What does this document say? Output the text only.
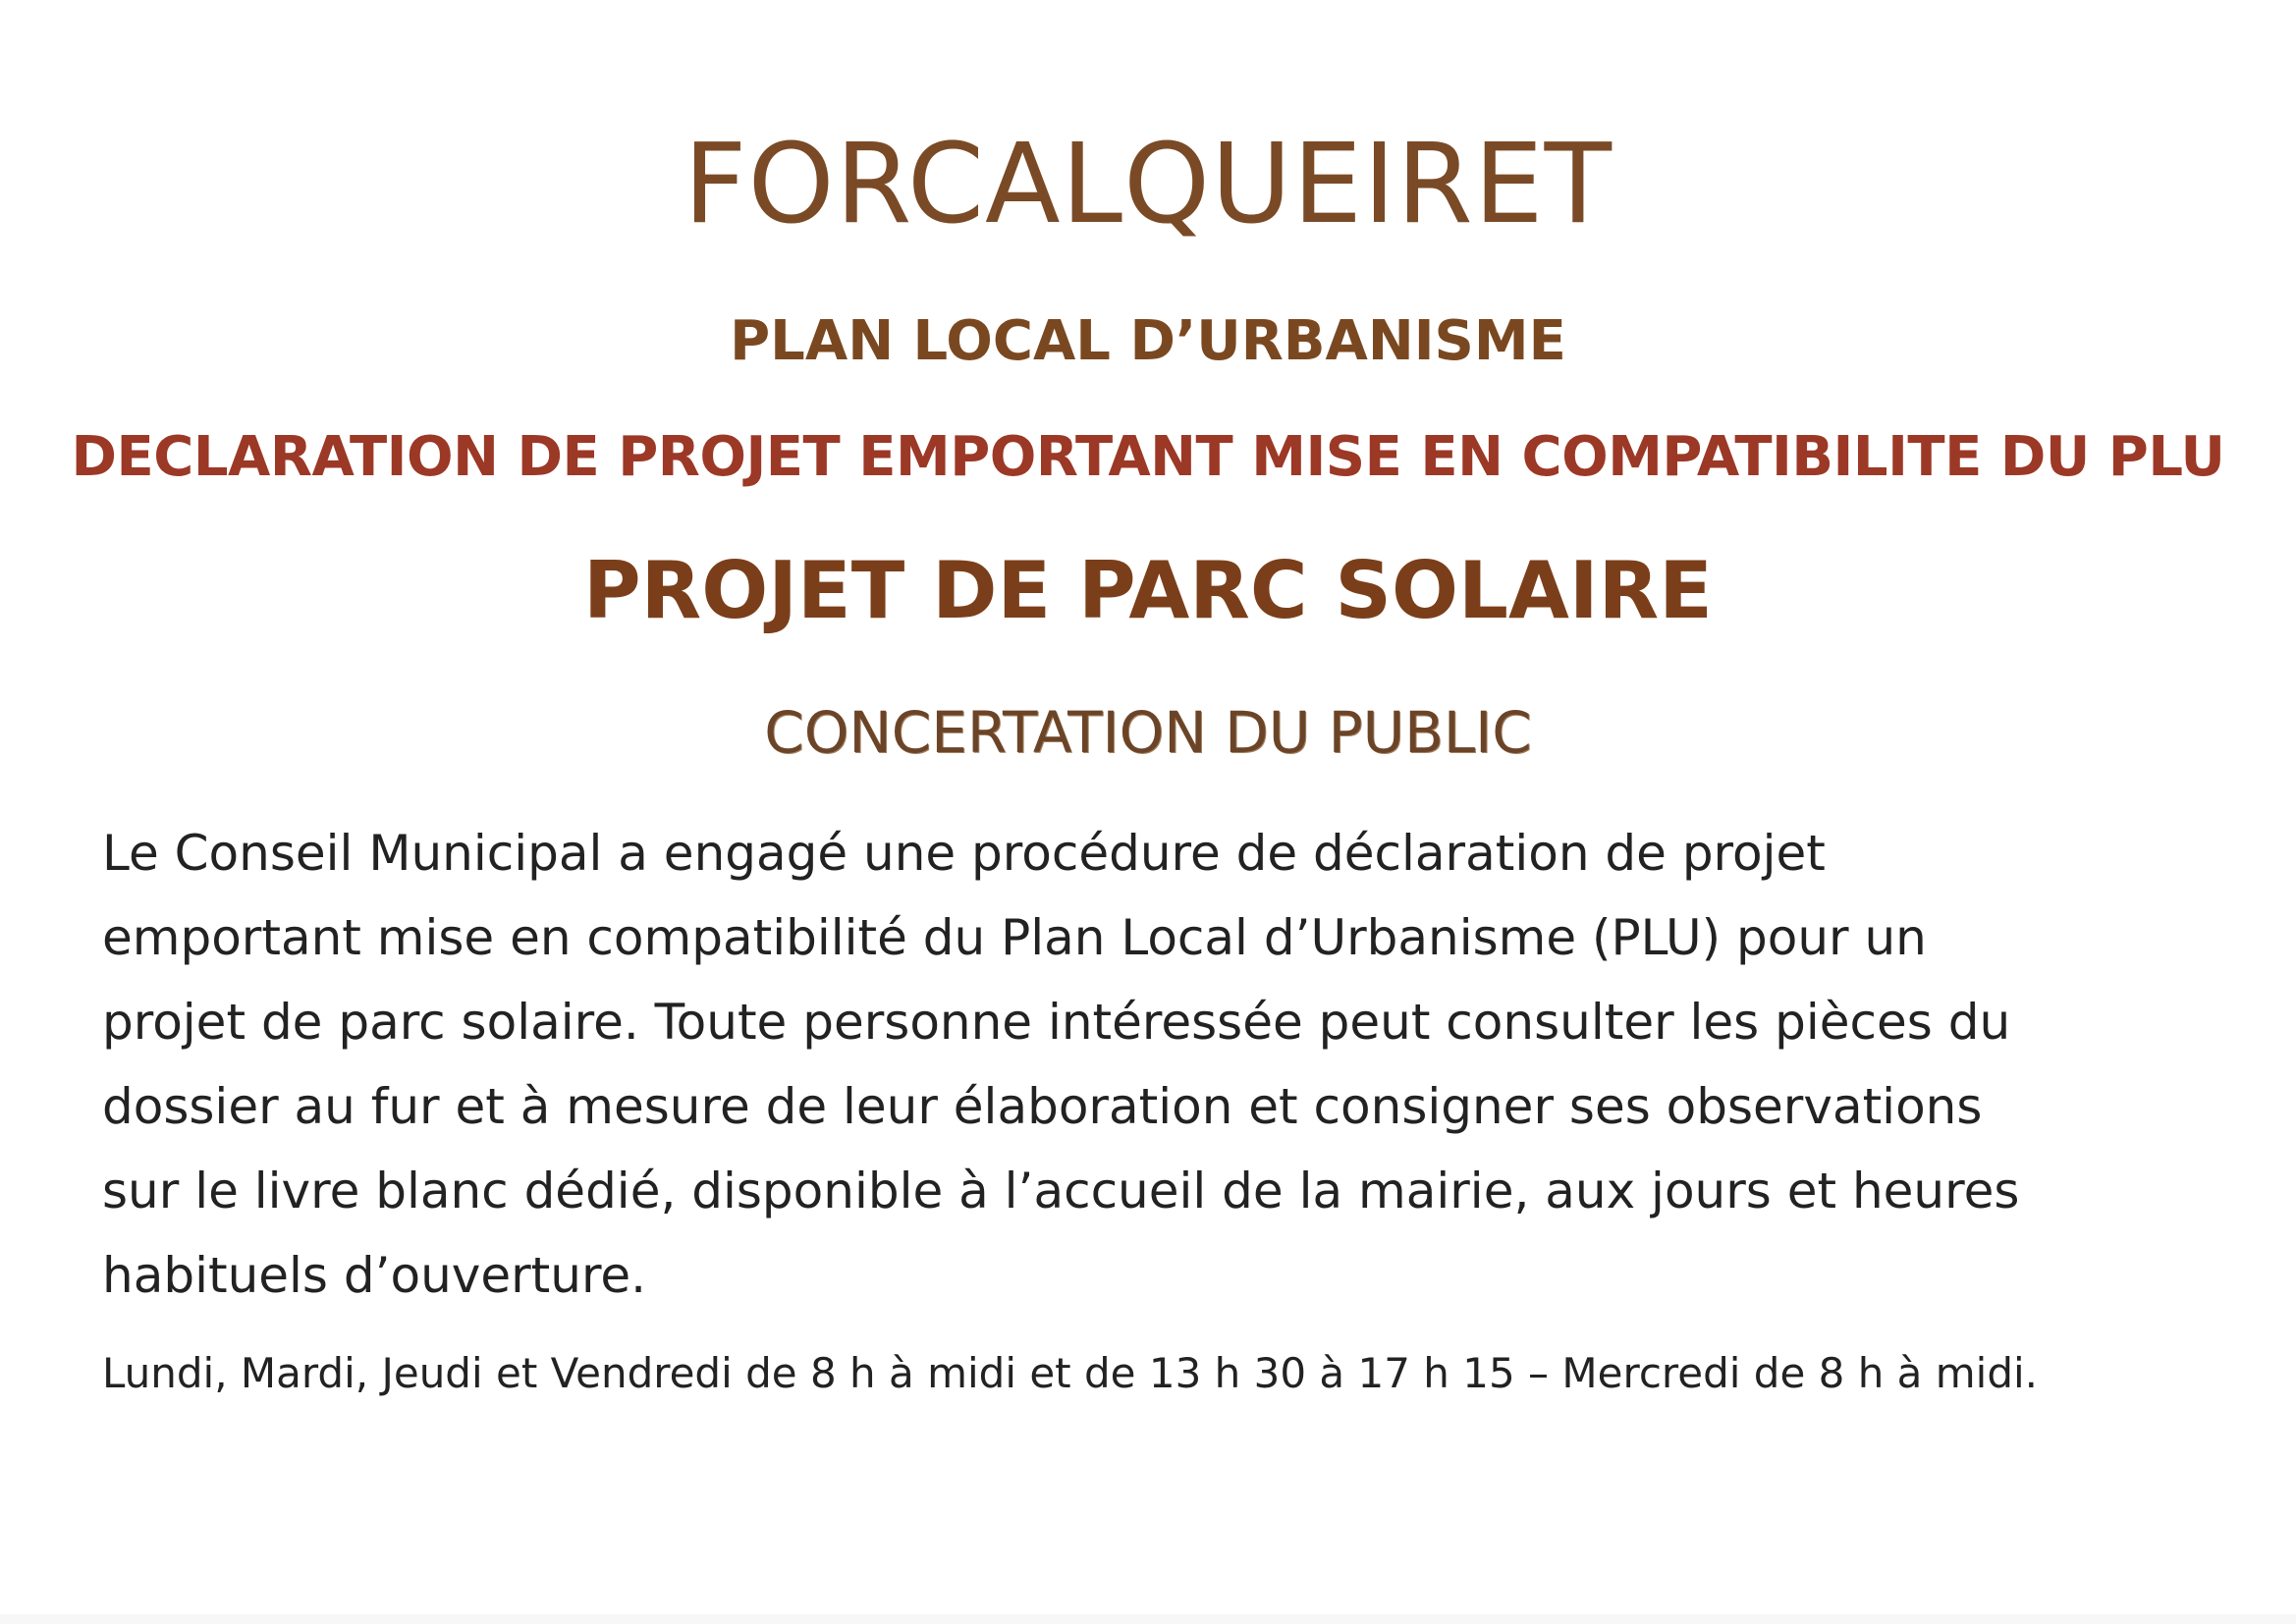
FORCALQUEIRET
PLAN LOCAL D’URBANISME
DECLARATION DE PROJET EMPORTANT MISE EN COMPATIBILITE DU PLU
PROJET DE PARC SOLAIRE
CONCERTATION DU PUBLIC

Le Conseil Municipal a engagé une procédure de déclaration de projet
emportant mise en compatibilité du Plan Local d’Urbanisme (PLU) pour un
projet de parc solaire. Toute personne intéressée peut consulter les pièces du
dossier au fur et à mesure de leur élaboration et consigner ses observations
sur le livre blanc dédié, disponible à l’accueil de la mairie, aux jours et heures
habituels d’ouverture.

Lundi, Mardi, Jeudi et Vendredi de 8 h à midi et de 13 h 30 à 17 h 15 – Mercredi de 8 h à midi.
